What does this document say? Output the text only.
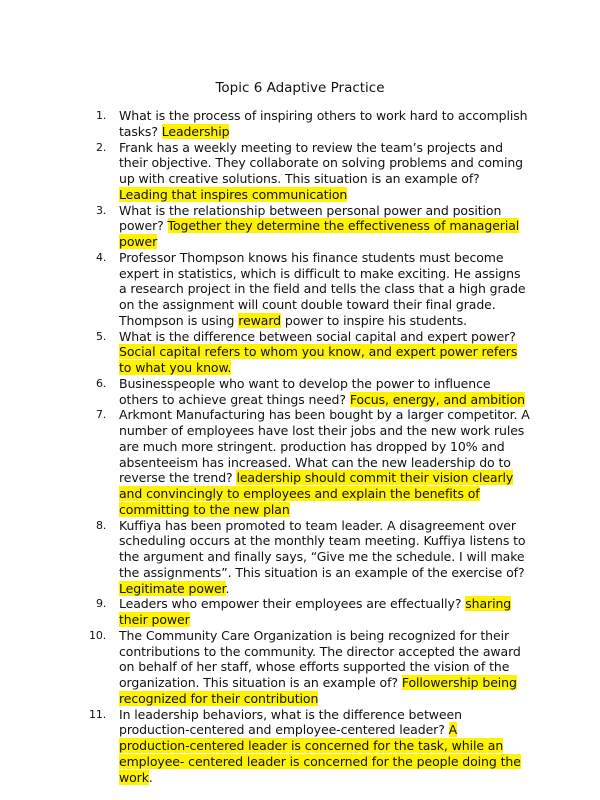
Topic 6 Adaptive Practice
1. What is the process of inspiring others to work hard to accomplish tasks? Leadership
2. Frank has a weekly meeting to review the team’s projects and their objective. They collaborate on solving problems and coming up with creative solutions. This situation is an example of? Leading that inspires communication
3. What is the relationship between personal power and position power? Together they determine the effectiveness of managerial power
4. Professor Thompson knows his finance students must become expert in statistics, which is difficult to make exciting. He assigns a research project in the field and tells the class that a high grade on the assignment will count double toward their final grade. Thompson is using reward power to inspire his students.
5. What is the difference between social capital and expert power? Social capital refers to whom you know, and expert power refers to what you know.
6. Businesspeople who want to develop the power to influence others to achieve great things need? Focus, energy, and ambition
7. Arkmont Manufacturing has been bought by a larger competitor. A number of employees have lost their jobs and the new work rules are much more stringent. production has dropped by 10% and absenteeism has increased. What can the new leadership do to reverse the trend? leadership should commit their vision clearly and convincingly to employees and explain the benefits of committing to the new plan
8. Kuffiya has been promoted to team leader. A disagreement over scheduling occurs at the monthly team meeting. Kuffiya listens to the argument and finally says, “Give me the schedule. I will make the assignments”. This situation is an example of the exercise of? Legitimate power.
9. Leaders who empower their employees are effectually? sharing their power
10. The Community Care Organization is being recognized for their contributions to the community. The director accepted the award on behalf of her staff, whose efforts supported the vision of the organization. This situation is an example of? Followership being recognized for their contribution
11. In leadership behaviors, what is the difference between production-centered and employee-centered leader? A production-centered leader is concerned for the task, while an employee- centered leader is concerned for the people doing the work.
